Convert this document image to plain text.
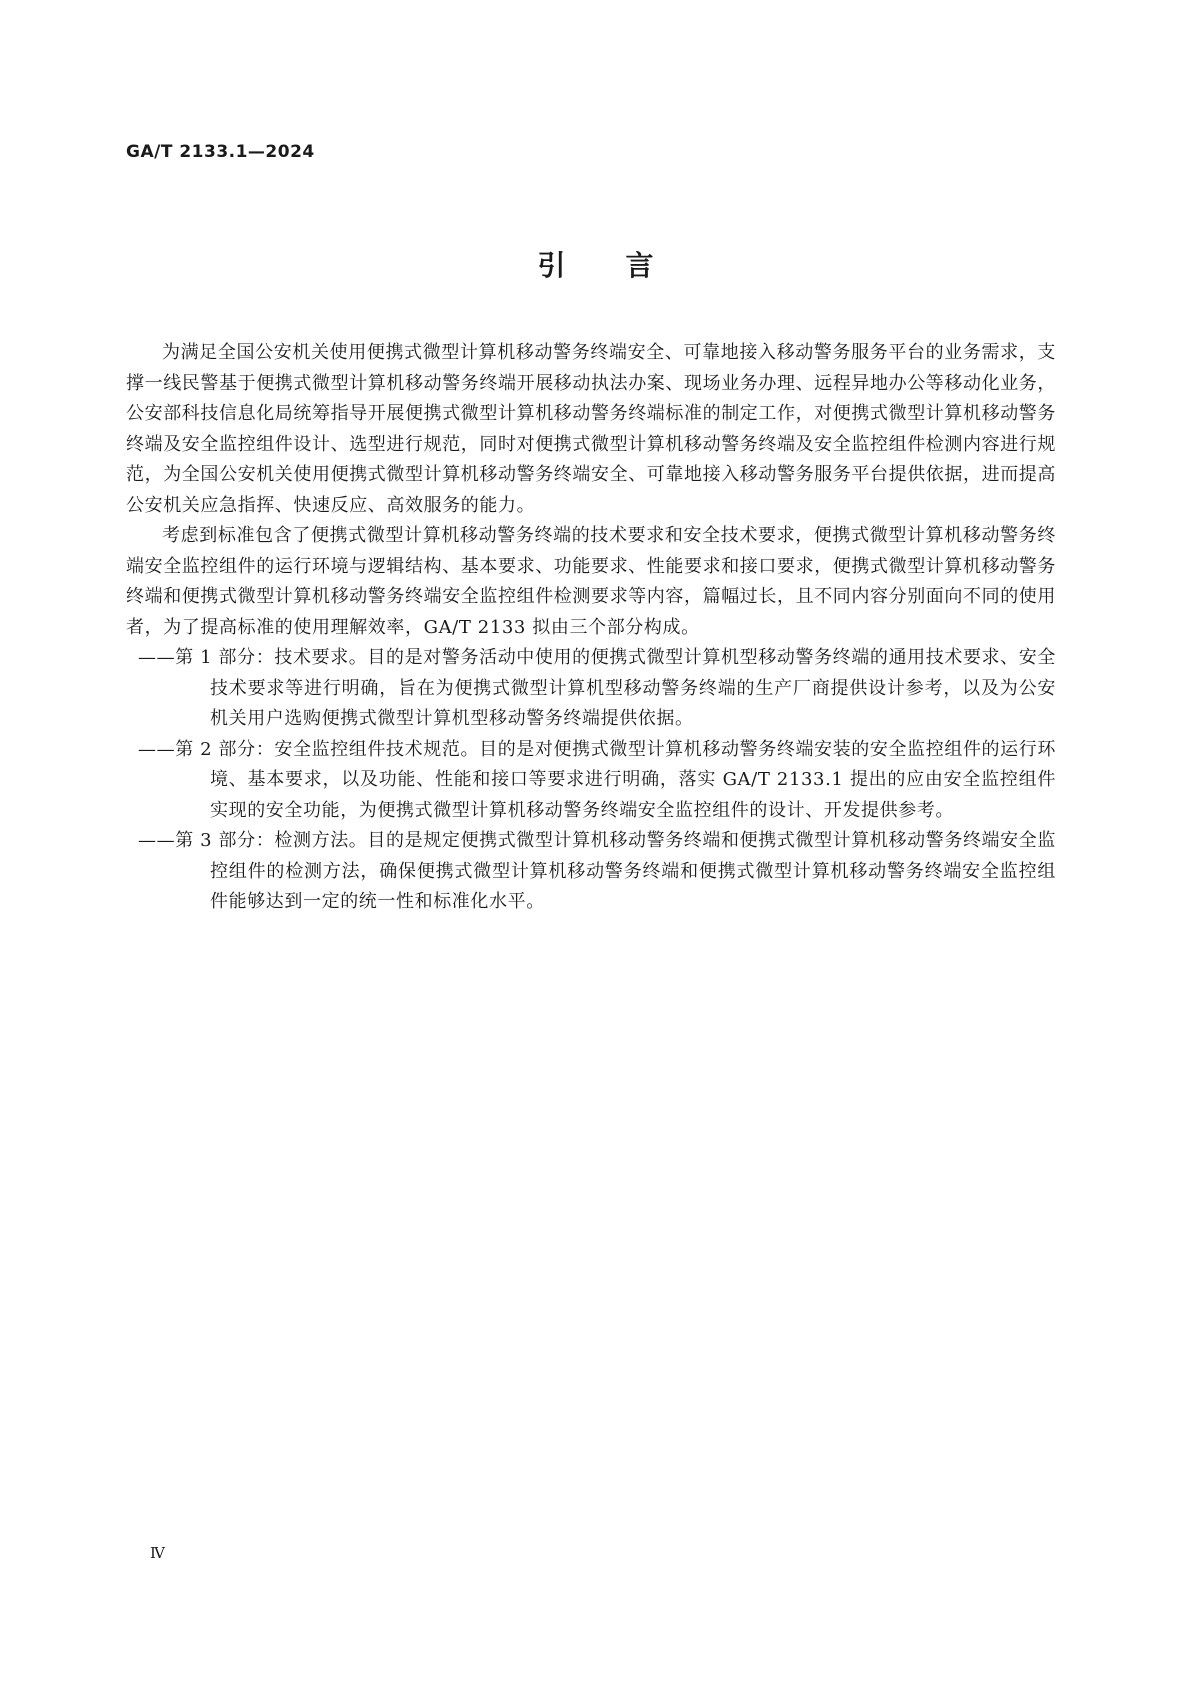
GA/T 2133.1—2024
引言

为满足全国公安机关使用便携式微型计算机移动警务终端安全、可靠地接入移动警务服务平台的业务需求，支撑一线民警基于便携式微型计算机移动警务终端开展移动执法办案、现场业务办理、远程异地办公等移动化业务，公安部科技信息化局统筹指导开展便携式微型计算机移动警务终端标准的制定工作，对便携式微型计算机移动警务终端及安全监控组件设计、选型进行规范，同时对便携式微型计算机移动警务终端及安全监控组件检测内容进行规范，为全国公安机关使用便携式微型计算机移动警务终端安全、可靠地接入移动警务服务平台提供依据，进而提高公安机关应急指挥、快速反应、高效服务的能力。

考虑到标准包含了便携式微型计算机移动警务终端的技术要求和安全技术要求，便携式微型计算机移动警务终端安全监控组件的运行环境与逻辑结构、基本要求、功能要求、性能要求和接口要求，便携式微型计算机移动警务终端和便携式微型计算机移动警务终端安全监控组件检测要求等内容，篇幅过长，且不同内容分别面向不同的使用者，为了提高标准的使用理解效率，GA/T 2133 拟由三个部分构成。

——第 1 部分：技术要求。目的是对警务活动中使用的便携式微型计算机型移动警务终端的通用技术要求、安全技术要求等进行明确，旨在为便携式微型计算机型移动警务终端的生产厂商提供设计参考，以及为公安机关用户选购便携式微型计算机型移动警务终端提供依据。

——第 2 部分：安全监控组件技术规范。目的是对便携式微型计算机移动警务终端安装的安全监控组件的运行环境、基本要求，以及功能、性能和接口等要求进行明确，落实 GA/T 2133.1 提出的应由安全监控组件实现的安全功能，为便携式微型计算机移动警务终端安全监控组件的设计、开发提供参考。

——第 3 部分：检测方法。目的是规定便携式微型计算机移动警务终端和便携式微型计算机移动警务终端安全监控组件的检测方法，确保便携式微型计算机移动警务终端和便携式微型计算机移动警务终端安全监控组件能够达到一定的统一性和标准化水平。

Ⅳ
